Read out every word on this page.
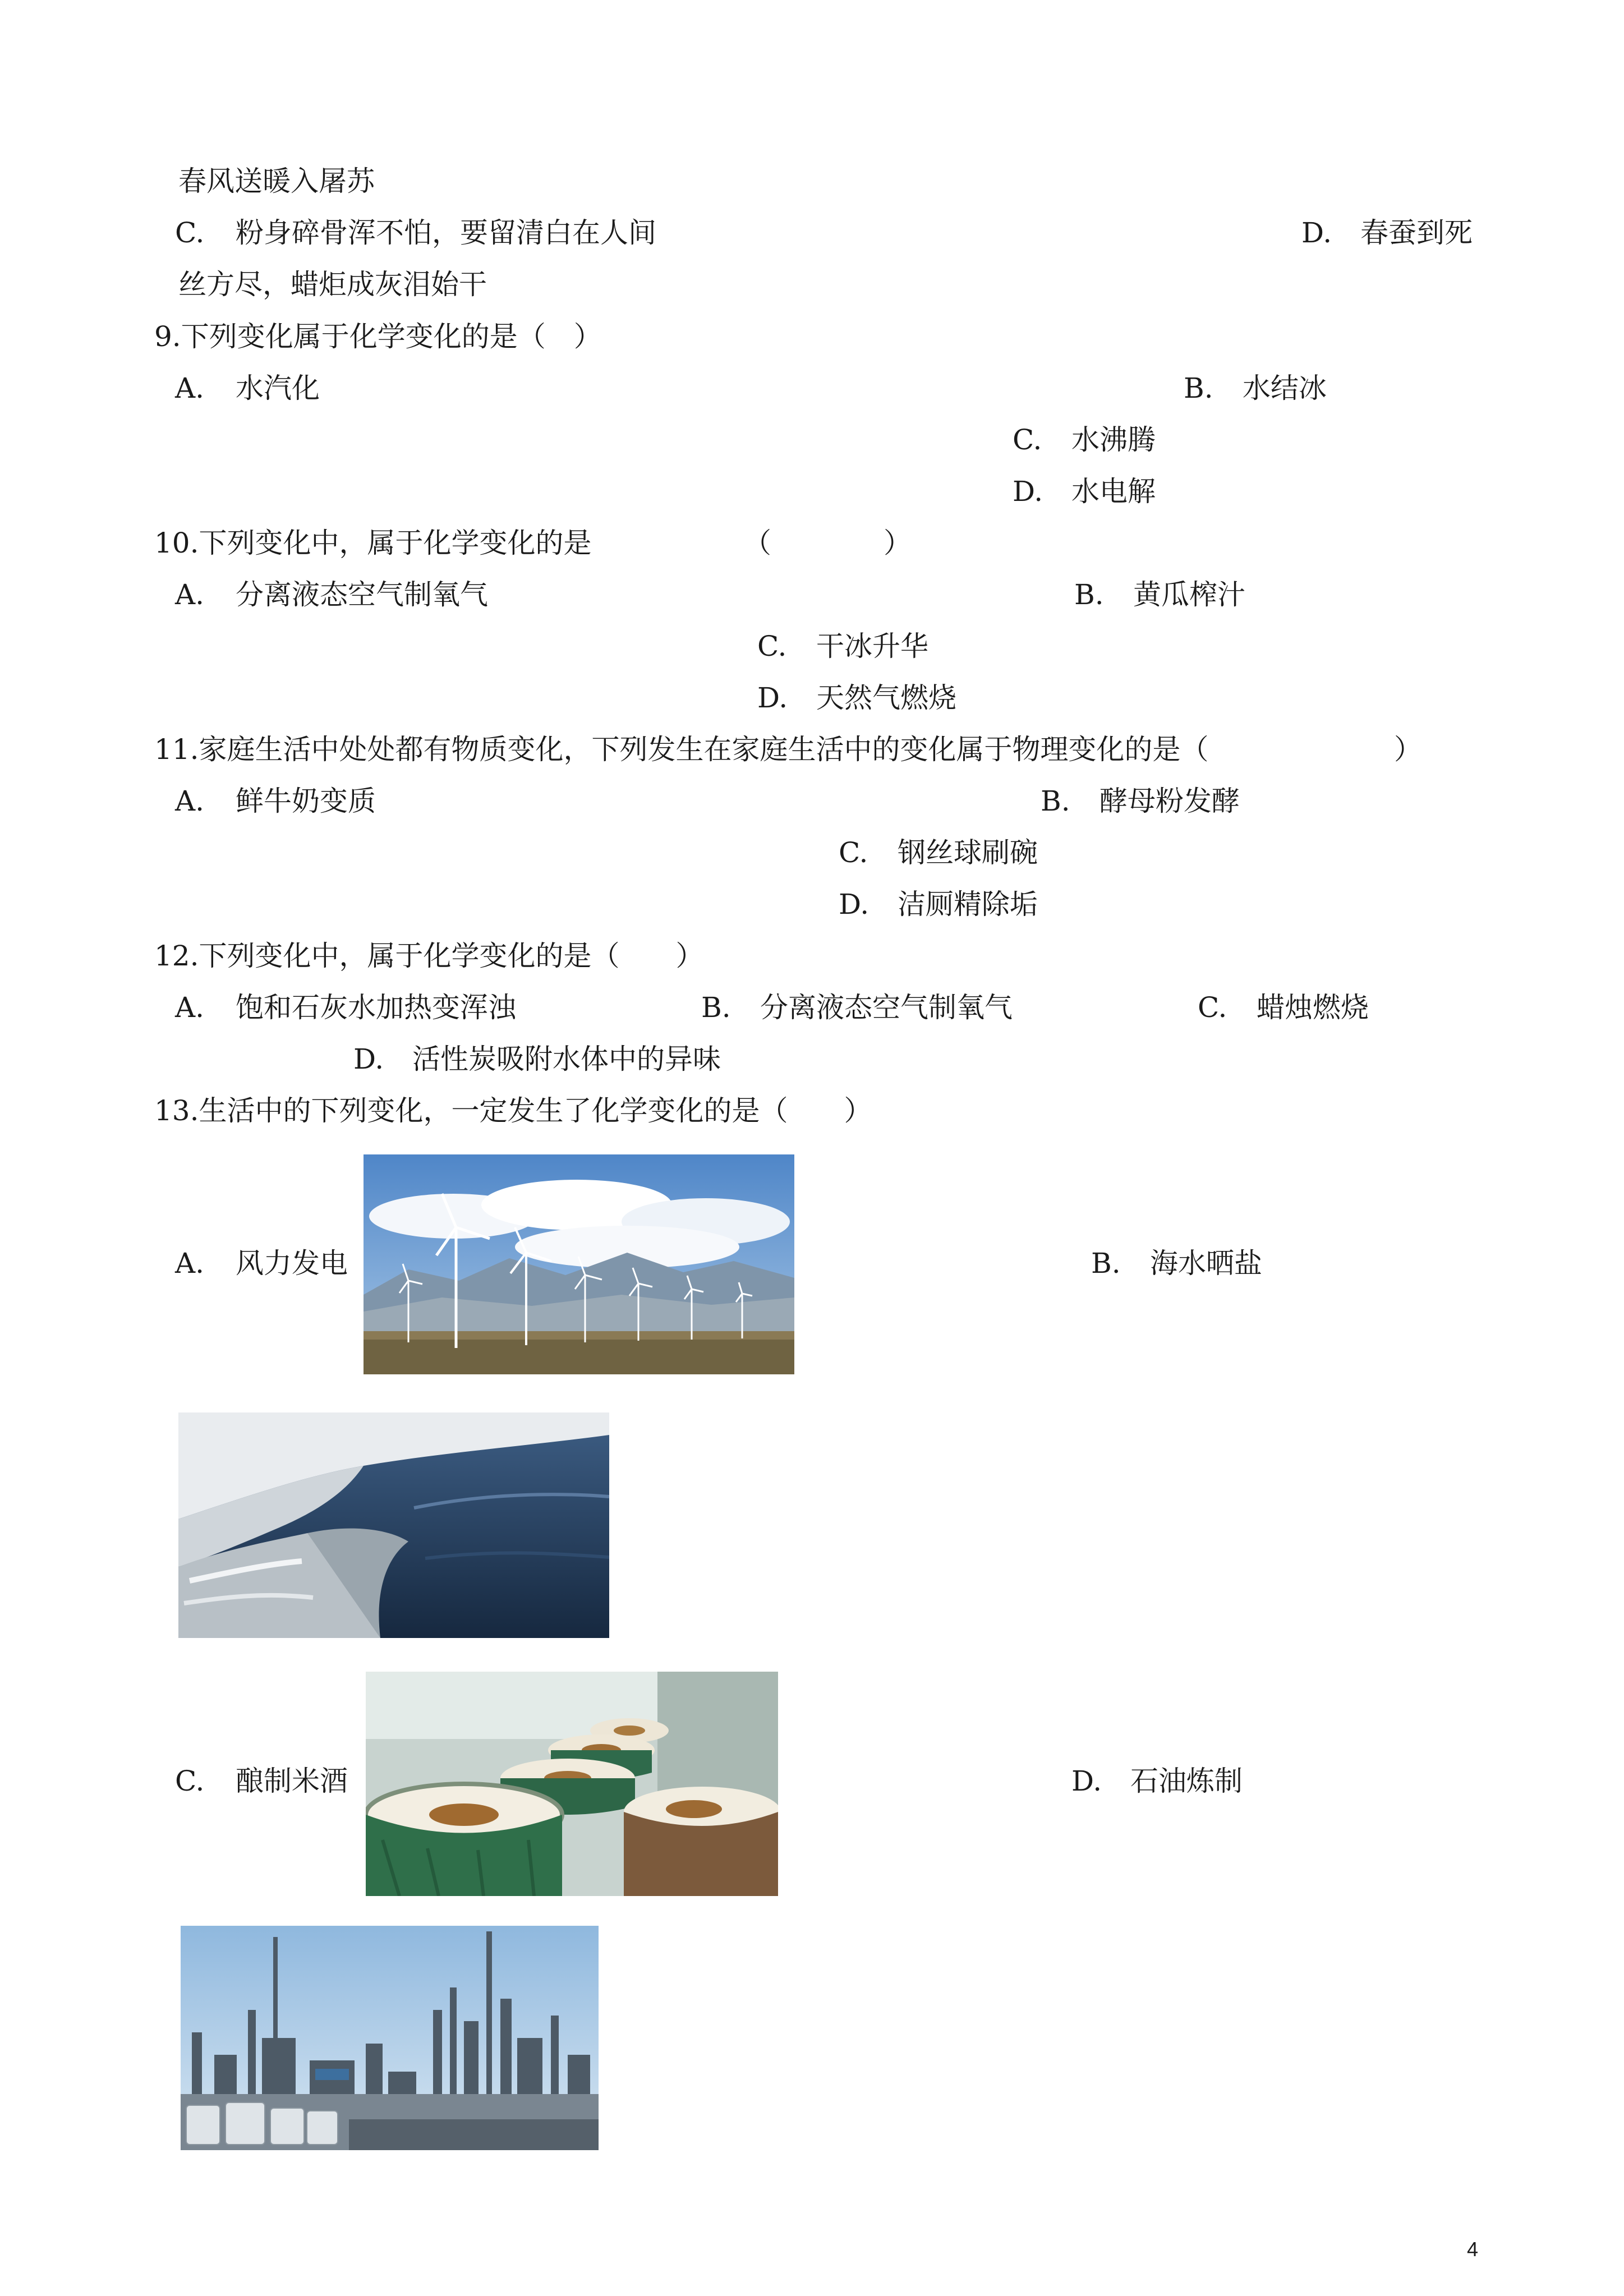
春风送暖入屠苏
C. 粉身碎骨浑不怕，要留清白在人间	D. 春蚕到死
丝方尽，蜡炬成灰泪始干
9.下列变化属于化学变化的是（　）
A. 水汽化	B. 水结冰
C. 水沸腾
D. 水电解
10.下列变化中，属于化学变化的是	（　　　　）
A. 分离液态空气制氧气	B. 黄瓜榨汁
C. 干冰升华
D. 天然气燃烧
11.家庭生活中处处都有物质变化，下列发生在家庭生活中的变化属于物理变化的是（	）
A. 鲜牛奶变质	B. 酵母粉发酵
C. 钢丝球刷碗
D. 洁厕精除垢
12.下列变化中，属于化学变化的是（　　）
A. 饱和石灰水加热变浑浊	B. 分离液态空气制氧气	C. 蜡烛燃烧
D. 活性炭吸附水体中的异味
13.生活中的下列变化，一定发生了化学变化的是（　　）
A. 风力发电	B. 海水晒盐
C. 酿制米酒	D. 石油炼制
4
